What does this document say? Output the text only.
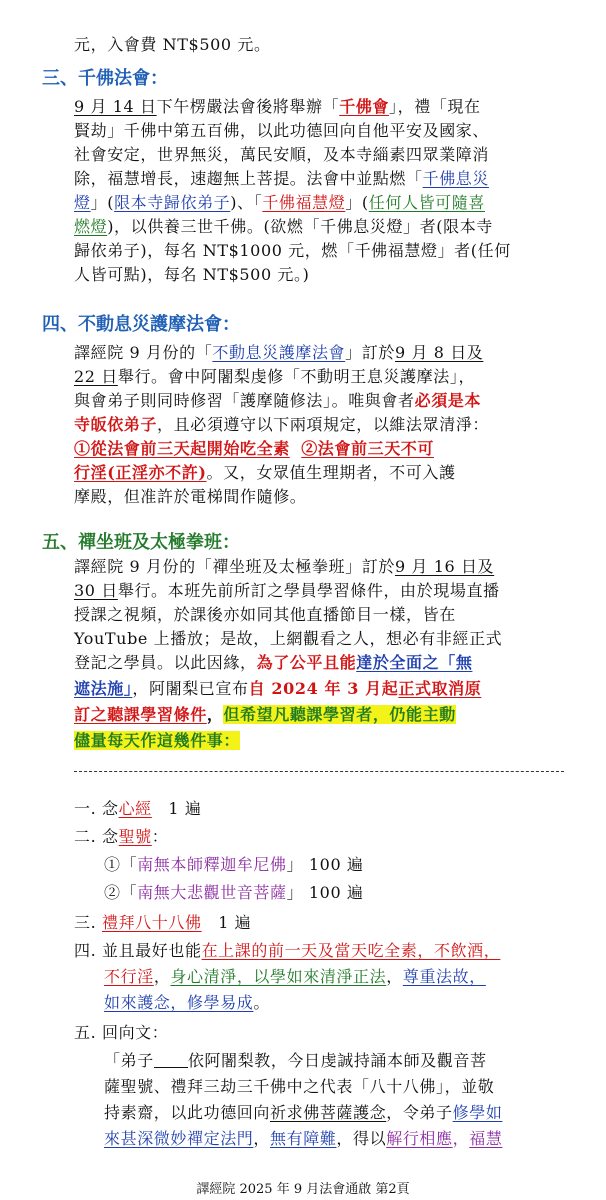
元，入會費 NT$500 元。
三、千佛法會：
9 月 14 日下午楞嚴法會後將舉辦「千佛會」，禮「現在
賢劫」千佛中第五百佛，以此功德回向自他平安及國家、
社會安定，世界無災，萬民安順，及本寺緇素四眾業障消
除，福慧增長，速趨無上菩提。法會中並點燃「千佛息災
燈」(限本寺歸依弟子)、「千佛福慧燈」(任何人皆可隨喜
燃燈)，以供養三世千佛。(欲燃「千佛息災燈」者(限本寺
歸依弟子)，每名 NT$1000 元，燃「千佛福慧燈」者(任何
人皆可點)，每名 NT$500 元。)
四、不動息災護摩法會：
譯經院 9 月份的「不動息災護摩法會」訂於9 月 8 日及
22 日舉行。會中阿闍梨虔修「不動明王息災護摩法」，
與會弟子則同時修習「護摩隨修法」。唯與會者必須是本
寺皈依弟子，且必須遵守以下兩項規定，以維法眾清淨：
①從法會前三天起開始吃全素 ②法會前三天不可
行淫(正淫亦不許)。又，女眾值生理期者，不可入護
摩殿，但准許於電梯間作隨修。
五、禪坐班及太極拳班：
譯經院 9 月份的「禪坐班及太極拳班」訂於9 月 16 日及
30 日舉行。本班先前所訂之學員學習條件，由於現場直播
授課之視頻，於課後亦如同其他直播節目一樣，皆在
YouTube 上播放；是故，上網觀看之人，想必有非經正式
登記之學員。以此因緣，為了公平且能達於全面之「無
遮法施」，阿闍梨已宣布自 2024 年 3 月起正式取消原
訂之聽課學習條件，但希望凡聽課學習者，仍能主動
儘量每天作這幾件事：
一. 念心經　1 遍
二. 念聖號：
①「南無本師釋迦牟尼佛」 100 遍
②「南無大悲觀世音菩薩」 100 遍
三. 禮拜八十八佛　1 遍
四. 並且最好也能在上課的前一天及當天吃全素，不飲酒，
不行淫，身心清淨，以學如來清淨正法，尊重法故，
如來護念，修學易成。
五. 回向文：
「弟子 依阿闍梨教，今日虔誠持誦本師及觀音菩
薩聖號、禮拜三劫三千佛中之代表「八十八佛」，並敬
持素齋，以此功德回向祈求佛菩薩護念，令弟子修學如
來甚深微妙禪定法門，無有障難，得以解行相應，福慧
譯經院 2025 年 9 月法會通啟 第2頁
